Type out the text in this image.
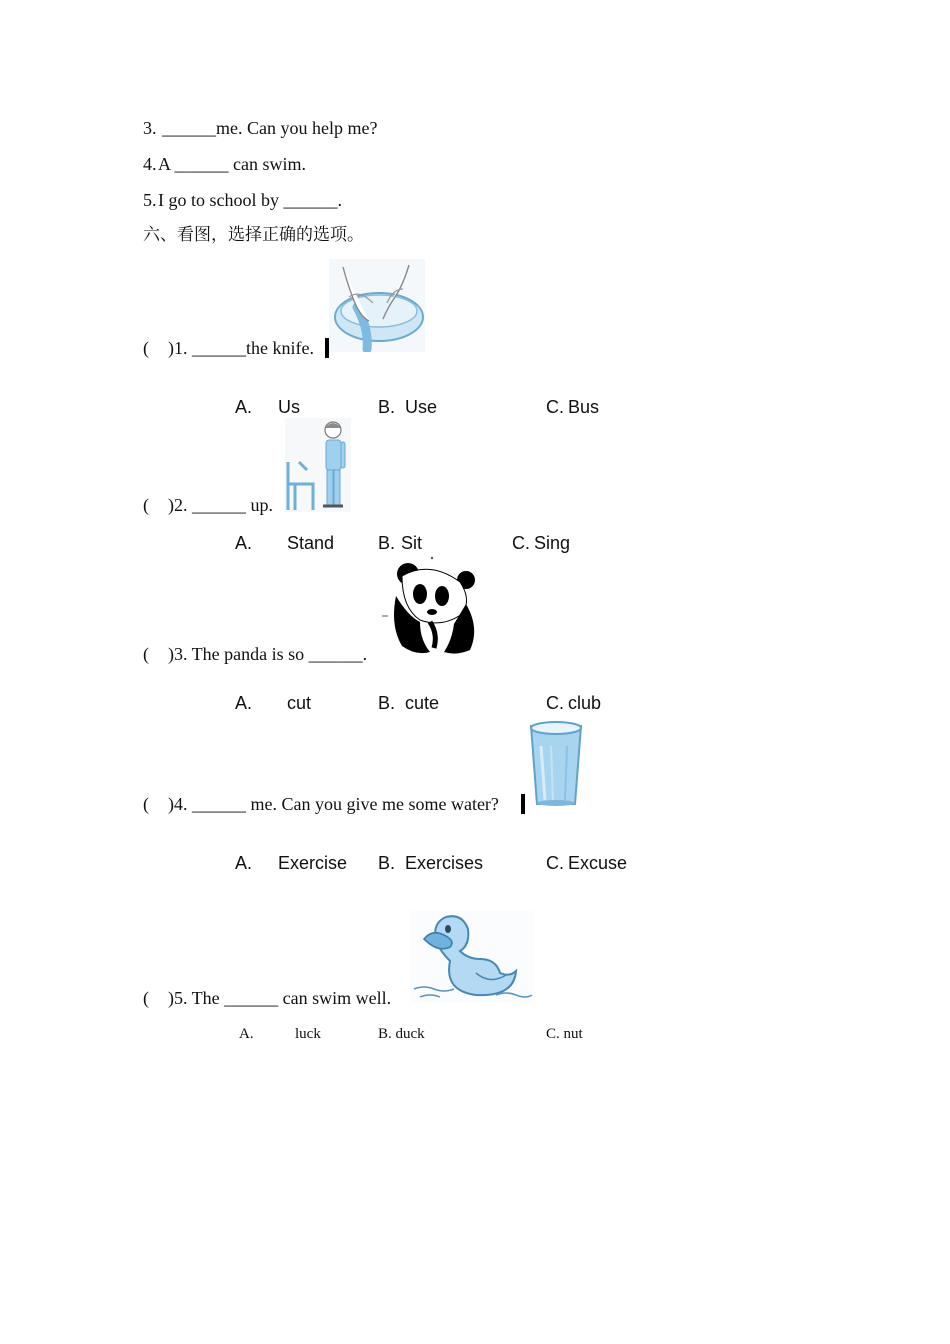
3. ______me. Can you help me?
4. A ______ can swim.
5. I go to school by ______.
六、看图，选择正确的选项。
( )1. ______the knife.
A. Us	B. Use	C. Bus
( )2. ______ up.
A. Stand B. Sit	C. Sing
( )3. The panda is so ______.
A. cut	B. cute	C. club
( )4. ______ me. Can you give me some water?
A. Exercise B. Exercises	C. Excuse
( )5. The ______ can swim well.
A.	luck	B. duck	C. nut
